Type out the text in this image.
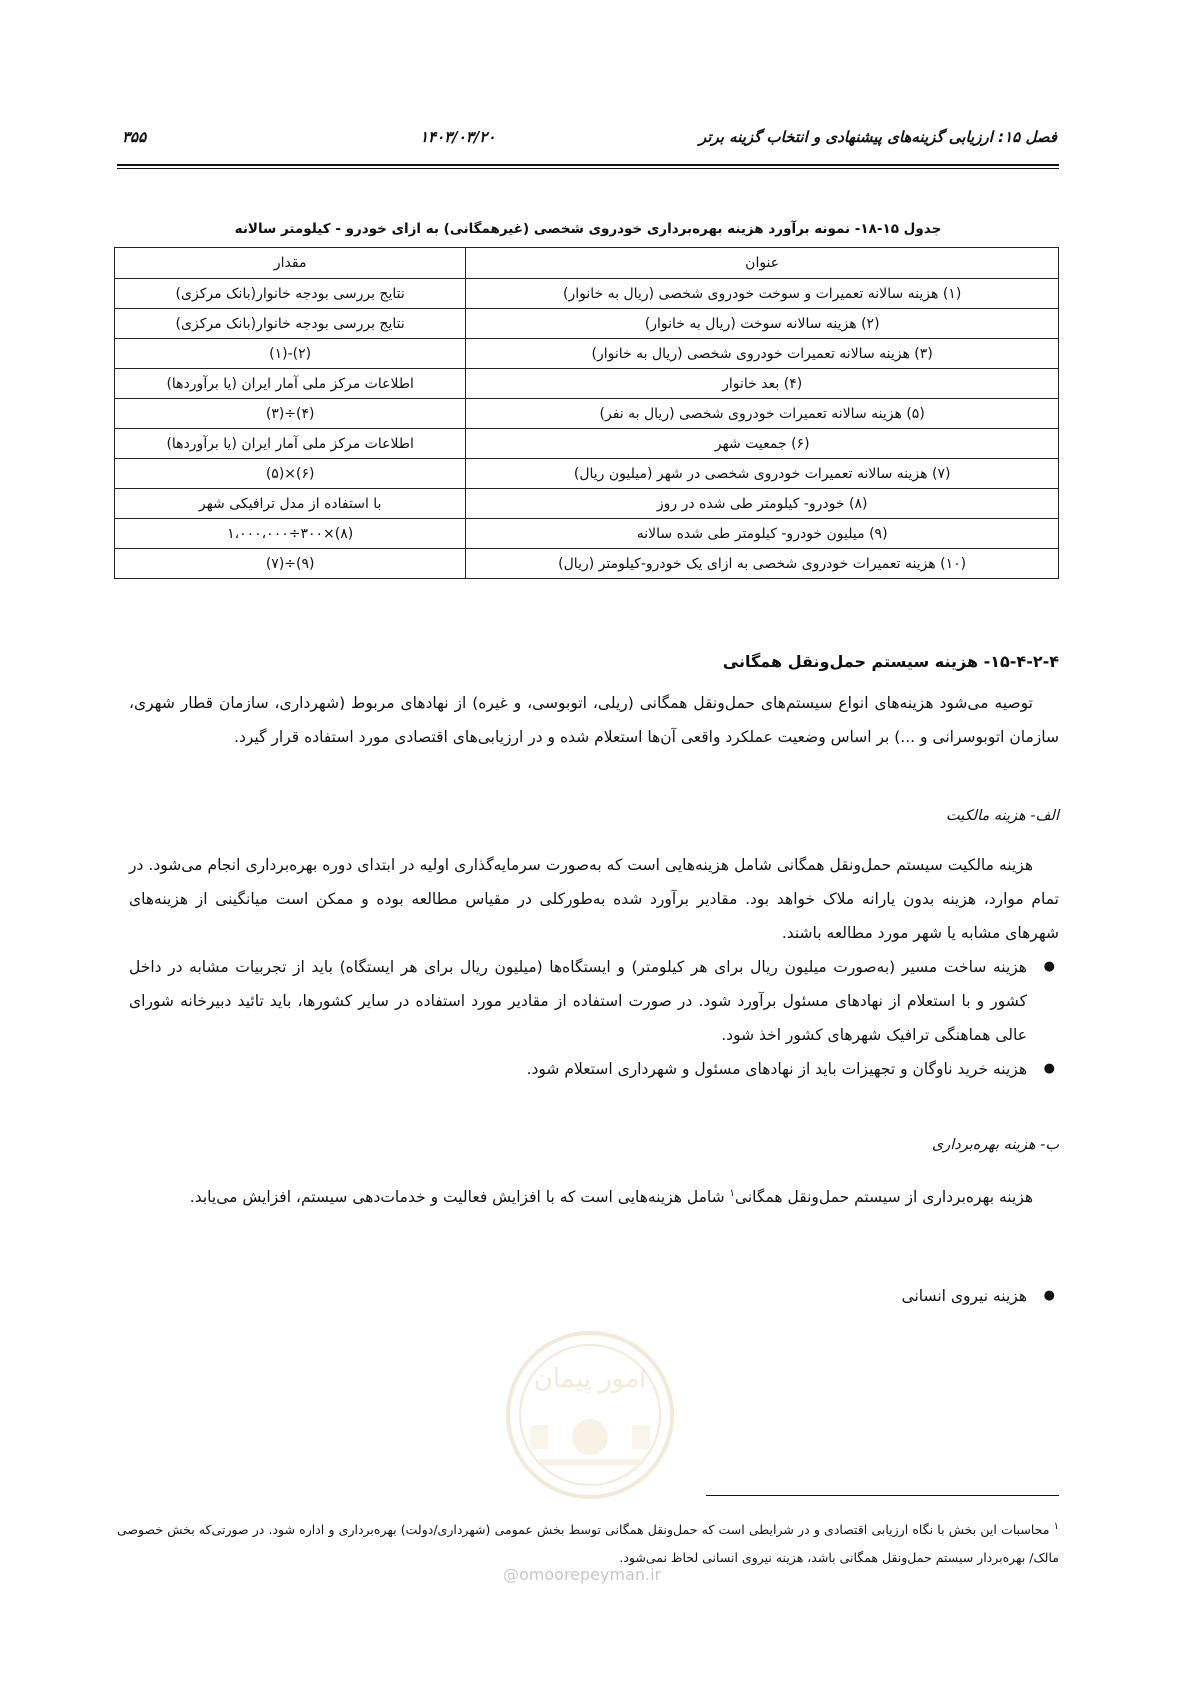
فصل ۱۵: ارزیابی گزینه‌های پیشنهادی و انتخاب گزینه برتر
۱۴۰۳/۰۳/۲۰
۳۵۵
جدول ۱۵-۱۸- نمونه برآورد هزینه بهره‌برداری خودروی شخصی (غیرهمگانی) به ازای خودرو - کیلومتر سالانه
عنوان	مقدار
(۱) هزینه سالانه تعمیرات و سوخت خودروی شخصی (ریال به خانوار)	نتایج بررسی بودجه خانوار(بانک مرکزی)
(۲) هزینه سالانه سوخت (ریال به خانوار)	نتایج بررسی بودجه خانوار(بانک مرکزی)
(۳) هزینه سالانه تعمیرات خودروی شخصی (ریال به خانوار)	(۲)-(۱)
(۴) بعد خانوار	اطلاعات مرکز ملی آمار ایران (یا برآوردها)
(۵) هزینه سالانه تعمیرات خودروی شخصی (ریال به نفر)	(۴)÷(۳)
(۶) جمعیت شهر	اطلاعات مرکز ملی آمار ایران (یا برآوردها)
(۷) هزینه سالانه تعمیرات خودروی شخصی در شهر (میلیون ریال)	(۶)×(۵)
(۸) خودرو- کیلومتر طی شده در روز	با استفاده از مدل ترافیکی شهر
(۹) میلیون خودرو- کیلومتر طی شده سالانه	(۸)×۳۰۰÷۱،۰۰۰،۰۰۰
(۱۰) هزینه تعمیرات خودروی شخصی به ازای یک خودرو-کیلومتر (ریال)	(۹)÷(۷)
۱۵-۴-۲-۴- هزینه سیستم حمل‌ونقل همگانی
توصیه می‌شود هزینه‌های انواع سیستم‌های حمل‌ونقل همگانی (ریلی، اتوبوسی، و غیره) از نهادهای مربوط (شهرداری، سازمان قطار شهری، سازمان اتوبوسرانی و ...) بر اساس وضعیت عملکرد واقعی آن‌ها استعلام شده و در ارزیابی‌های اقتصادی مورد استفاده قرار گیرد.
الف- هزینه مالکیت
هزینه مالکیت سیستم حمل‌ونقل همگانی شامل هزینه‌هایی است که به‌صورت سرمایه‌گذاری اولیه در ابتدای دوره بهره‌برداری انجام می‌شود. در تمام موارد، هزینه بدون یارانه ملاک خواهد بود. مقادیر برآورد شده به‌طورکلی در مقیاس مطالعه بوده و ممکن است میانگینی از هزینه‌های شهرهای مشابه یا شهر مورد مطالعه باشند.
●
هزینه ساخت مسیر (به‌صورت میلیون ریال برای هر کیلومتر) و ایستگاه‌ها (میلیون ریال برای هر ایستگاه) باید از تجربیات مشابه در داخل کشور و با استعلام از نهادهای مسئول برآورد شود. در صورت استفاده از مقادیر مورد استفاده در سایر کشورها، باید تائید دبیرخانه شورای عالی هماهنگی ترافیک شهرهای کشور اخذ شود.
●
هزینه خرید ناوگان و تجهیزات باید از نهادهای مسئول و شهرداری استعلام شود.
ب- هزینه بهره‌برداری
هزینه بهره‌برداری از سیستم حمل‌ونقل همگانی$^۱$ شامل هزینه‌هایی است که با افزایش فعالیت و خدمات‌دهی سیستم، افزایش می‌یابد.
●
هزینه نیروی انسانی
امور پیمان
@omoorepeyman.ir
$^۱$ محاسبات این بخش با نگاه ارزیابی اقتصادی و در شرایطی است که حمل‌ونقل همگانی توسط بخش عمومی (شهرداری/دولت) بهره‌برداری و اداره شود. در صورتی‌که بخش خصوصی مالک/ بهره‌بردار سیستم حمل‌ونقل همگانی باشد، هزینه نیروی انسانی لحاظ نمی‌شود.
